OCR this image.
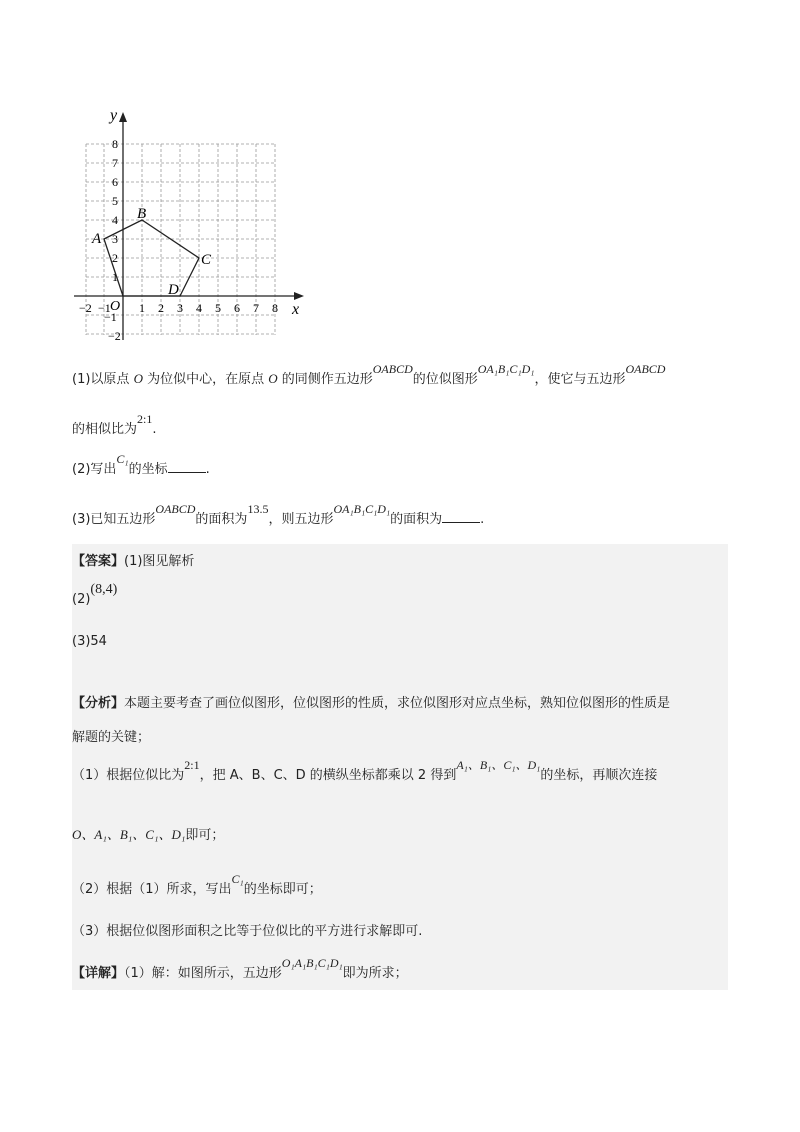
y
x
O
−2 −1 1 2 3 4 5 6 7 8
8
7
6
5
4
3
2
1
−1
−2
A
B
C
D
(1)以原点 O 为位似中心，在原点 O 的同侧作五边形OABCD的位似图形OA₁B₁C₁D₁，使它与五边形OABCD
的相似比为2:1.
(2)写出C₁的坐标	.
(3)已知五边形OABCD的面积为13.5，则五边形OA₁B₁C₁D₁的面积为	.
【答案】(1)图见解析
(2)(8,4)
(3)54
【分析】本题主要考查了画位似图形，位似图形的性质，求位似图形对应点坐标，熟知位似图形的性质是
解题的关键；
（1）根据位似比为2:1，把 A、B、C、D 的横纵坐标都乘以 2 得到A₁、B₁、C₁、D₁的坐标，再顺次连接
O、A₁、B₁、C₁、D₁即可；
（2）根据（1）所求，写出C₁的坐标即可；
（3）根据位似图形面积之比等于位似比的平方进行求解即可.
【详解】（1）解：如图所示，五边形O₁A₁B₁C₁D₁即为所求；
